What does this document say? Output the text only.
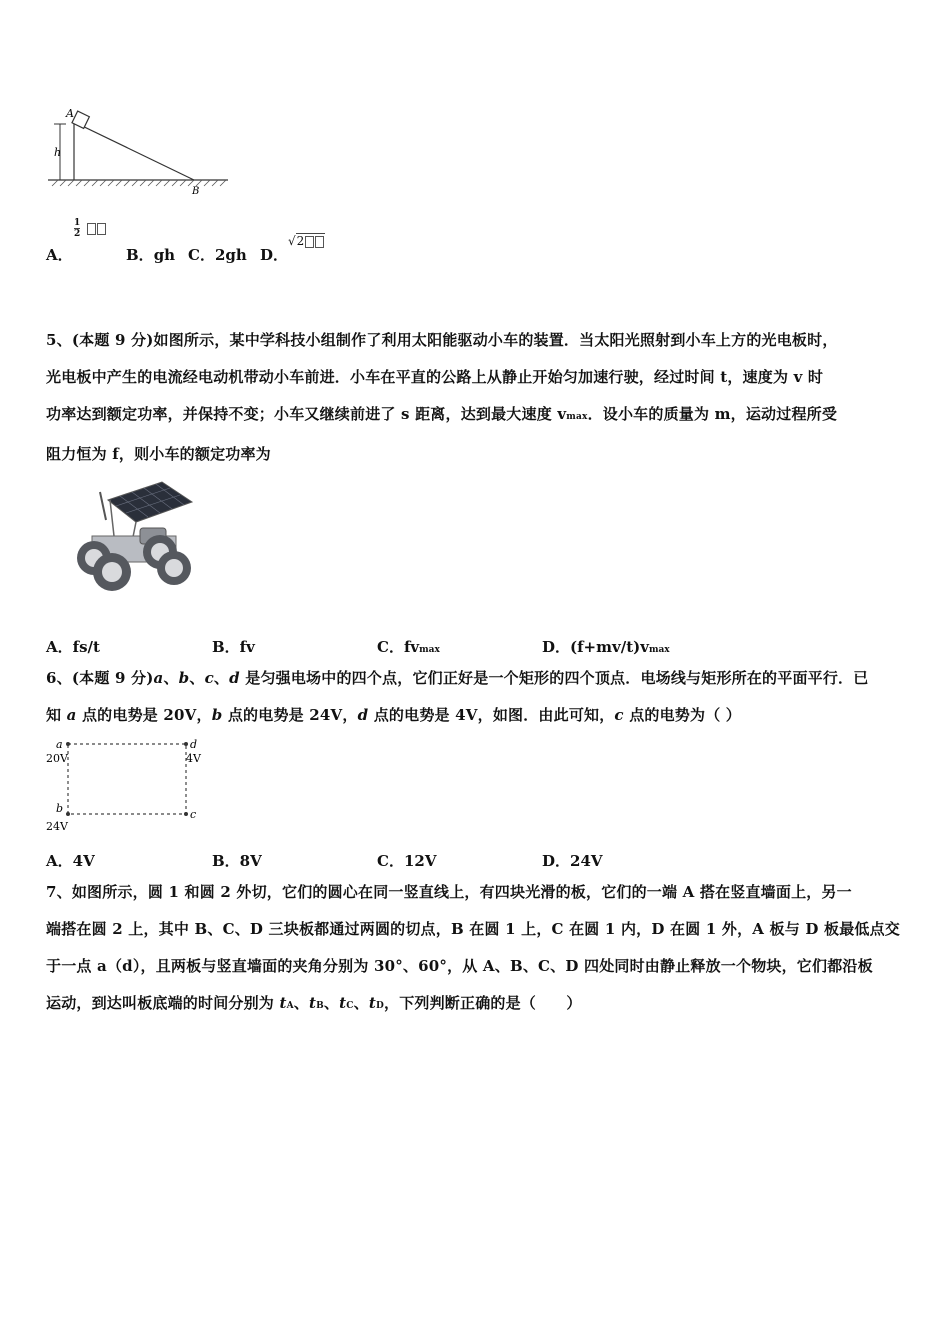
A
h
B
A．
$\frac{1}{2}$
B．gh C．2gh D．
√2
5、(本题 9 分)如图所示，某中学科技小组制作了利用太阳能驱动小车的装置．当太阳光照射到小车上方的光电板时，
光电板中产生的电流经电动机带动小车前进．小车在平直的公路上从静止开始匀加速行驶，经过时间 t，速度为 v 时
功率达到额定功率，并保持不变；小车又继续前进了 s 距离，达到最大速度 vmax．设小车的质量为 m，运动过程所受
阻力恒为 f，则小车的额定功率为
A．fs/t	B．fv	C．fvmax	D．(f+mv/t)vmax
6、(本题 9 分)a、b、c、d 是匀强电场中的四个点，它们正好是一个矩形的四个顶点．电场线与矩形所在的平面平行．已
知 a 点的电势是 20V，b 点的电势是 24V，d 点的电势是 4V，如图．由此可知，c 点的电势为（ ）
a
20V
d
4V
b
24V
c
A．4V	B．8V	C．12V	D．24V
7、如图所示，圆 1 和圆 2 外切，它们的圆心在同一竖直线上，有四块光滑的板，它们的一端 A 搭在竖直墙面上，另一
端搭在圆 2 上，其中 B、C、D 三块板都通过两圆的切点，B 在圆 1 上，C 在圆 1 内，D 在圆 1 外，A 板与 D 板最低点交
于一点 a（d），且两板与竖直墙面的夹角分别为 30°、60°，从 A、B、C、D 四处同时由静止释放一个物块，它们都沿板
运动，到达叫板底端的时间分别为 tA、tB、tC、tD，下列判断正确的是（　　）
